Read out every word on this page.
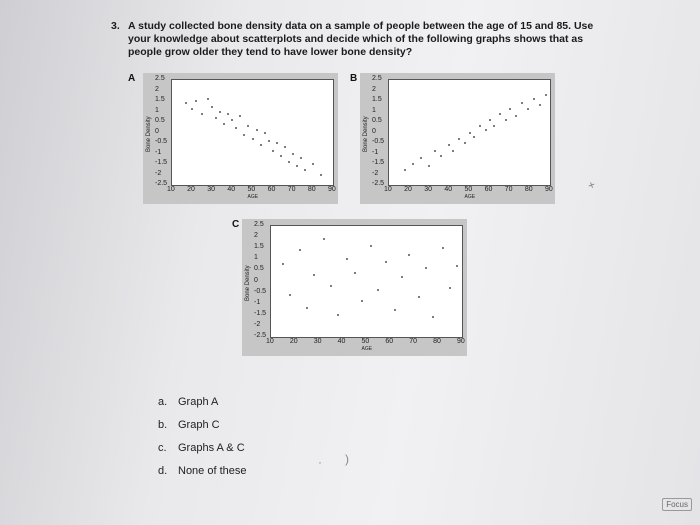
3. A study collected bone density data on a sample of people between the age of 15 and 85. Use your knowledge about scatterplots and decide which of the following graphs shows that as people grow older they tend to have lower bone density?
A	2.5
2
1.5
1
0.5
0
-0.5
-1
-1.5
-2
-2.5
10 20 30 40 50 60 70 80 90
AGE
Bone Density
B 2.5
2
1.5
1
0.5
0
-0.5
-1
-1.5
-2
-2.5
10 20 30 40 50 60 70 80 90
AGE
Bone Density
C 2.5
2
1.5
1
0.5
0
-0.5
-1
-1.5
-2
-2.5
10 20 30 40 50 60 70 80 90
AGE
Bone Density
a. Graph A
b. Graph C
c. Graphs A & C
d. None of these
· )
+
Focus
